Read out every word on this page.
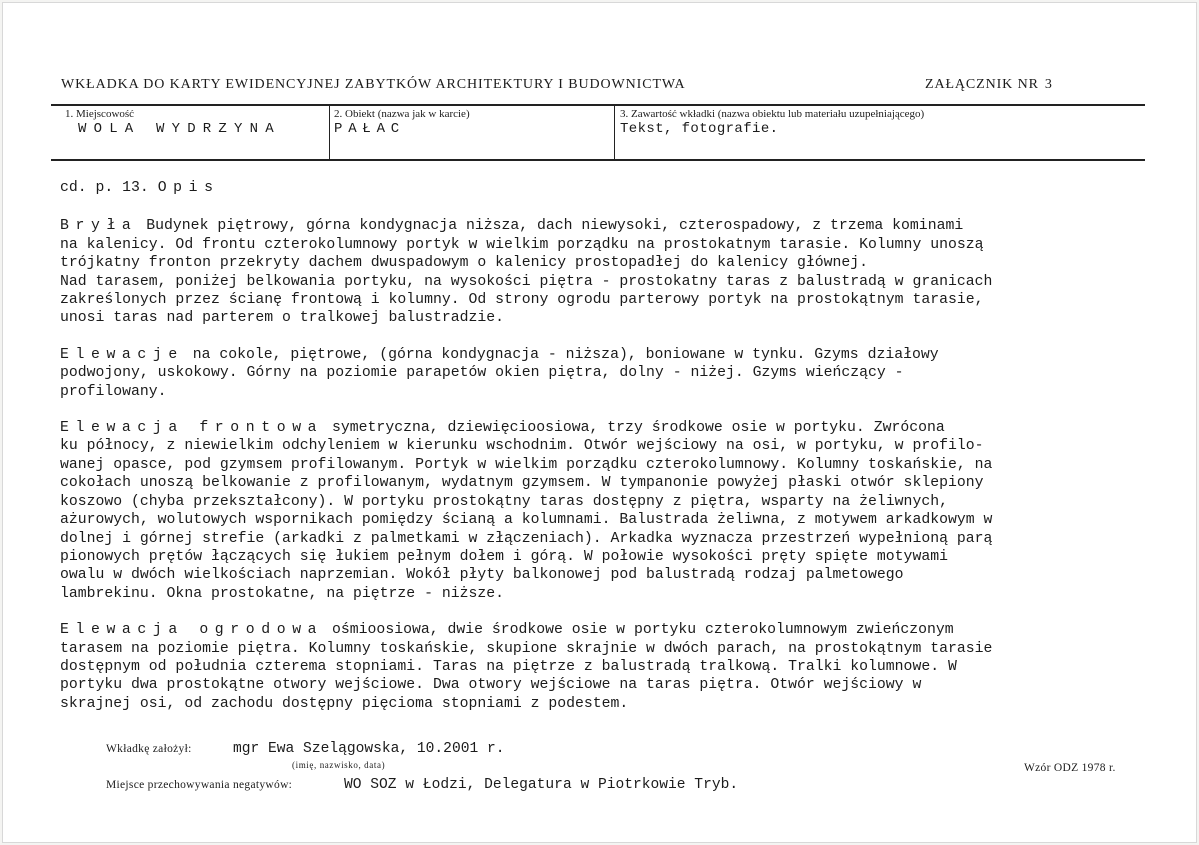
WKŁADKA DO KARTY EWIDENCYJNEJ ZABYTKÓW ARCHITEKTURY I BUDOWNICTWA	ZAŁĄCZNIK NR 3
1. Miejscowość
WOLA WYDRZYNA
2. Obiekt (nazwa jak w karcie)
PAŁAC
3. Zawartość wkładki (nazwa obiektu lub materiału uzupełniającego)
Tekst, fotografie.
cd. p. 13. Opis
Bryła Budynek piętrowy, górna kondygnacja niższa, dach niewysoki, czterospadowy, z trzema kominami
na kalenicy. Od frontu czterokolumnowy portyk w wielkim porządku na prostokatnym tarasie. Kolumny unoszą
trójkatny fronton przekryty dachem dwuspadowym o kalenicy prostopadłej do kalenicy głównej.
Nad tarasem, poniżej belkowania portyku, na wysokości piętra - prostokatny taras z balustradą w granicach
zakreślonych przez ścianę frontową i kolumny. Od strony ogrodu parterowy portyk na prostokątnym tarasie,
unosi taras nad parterem o tralkowej balustradzie.
Elewacje na cokole, piętrowe, (górna kondygnacja - niższa), boniowane w tynku. Gzyms działowy
podwojony, uskokowy. Górny na poziomie parapetów okien piętra, dolny - niżej. Gzyms wieńczący -
profilowany.
Elewacja frontowa symetryczna, dziewięcioosiowa, trzy środkowe osie w portyku. Zwrócona
ku północy, z niewielkim odchyleniem w kierunku wschodnim. Otwór wejściowy na osi, w portyku, w profilo-
wanej opasce, pod gzymsem profilowanym. Portyk w wielkim porządku czterokolumnowy. Kolumny toskańskie, na
cokołach unoszą belkowanie z profilowanym, wydatnym gzymsem. W tympanonie powyżej płaski otwór sklepiony
koszowo (chyba przekształcony). W portyku prostokątny taras dostępny z piętra, wsparty na żeliwnych,
ażurowych, wolutowych wspornikach pomiędzy ścianą a kolumnami. Balustrada żeliwna, z motywem arkadkowym w
dolnej i górnej strefie (arkadki z palmetkami w złączeniach). Arkadka wyznacza przestrzeń wypełnioną parą
pionowych prętów łączących się łukiem pełnym dołem i górą. W połowie wysokości pręty spięte motywami
owalu w dwóch wielkościach naprzemian. Wokół płyty balkonowej pod balustradą rodzaj palmetowego
lambrekinu. Okna prostokatne, na piętrze - niższe.
Elewacja ogrodowa ośmioosiowa, dwie środkowe osie w portyku czterokolumnowym zwieńczonym
tarasem na poziomie piętra. Kolumny toskańskie, skupione skrajnie w dwóch parach, na prostokątnym tarasie
dostępnym od południa czterema stopniami. Taras na piętrze z balustradą tralkową. Tralki kolumnowe. W
portyku dwa prostokątne otwory wejściowe. Dwa otwory wejściowe na taras piętra. Otwór wejściowy w
skrajnej osi, od zachodu dostępny pięcioma stopniami z podestem.
Wkładkę założył:	mgr Ewa Szelągowska, 10.2001 r.
(imię, nazwisko, data)
Miejsce przechowywania negatywów:	WO SOZ w Łodzi, Delegatura w Piotrkowie Tryb.
Wzór ODZ 1978 r.
